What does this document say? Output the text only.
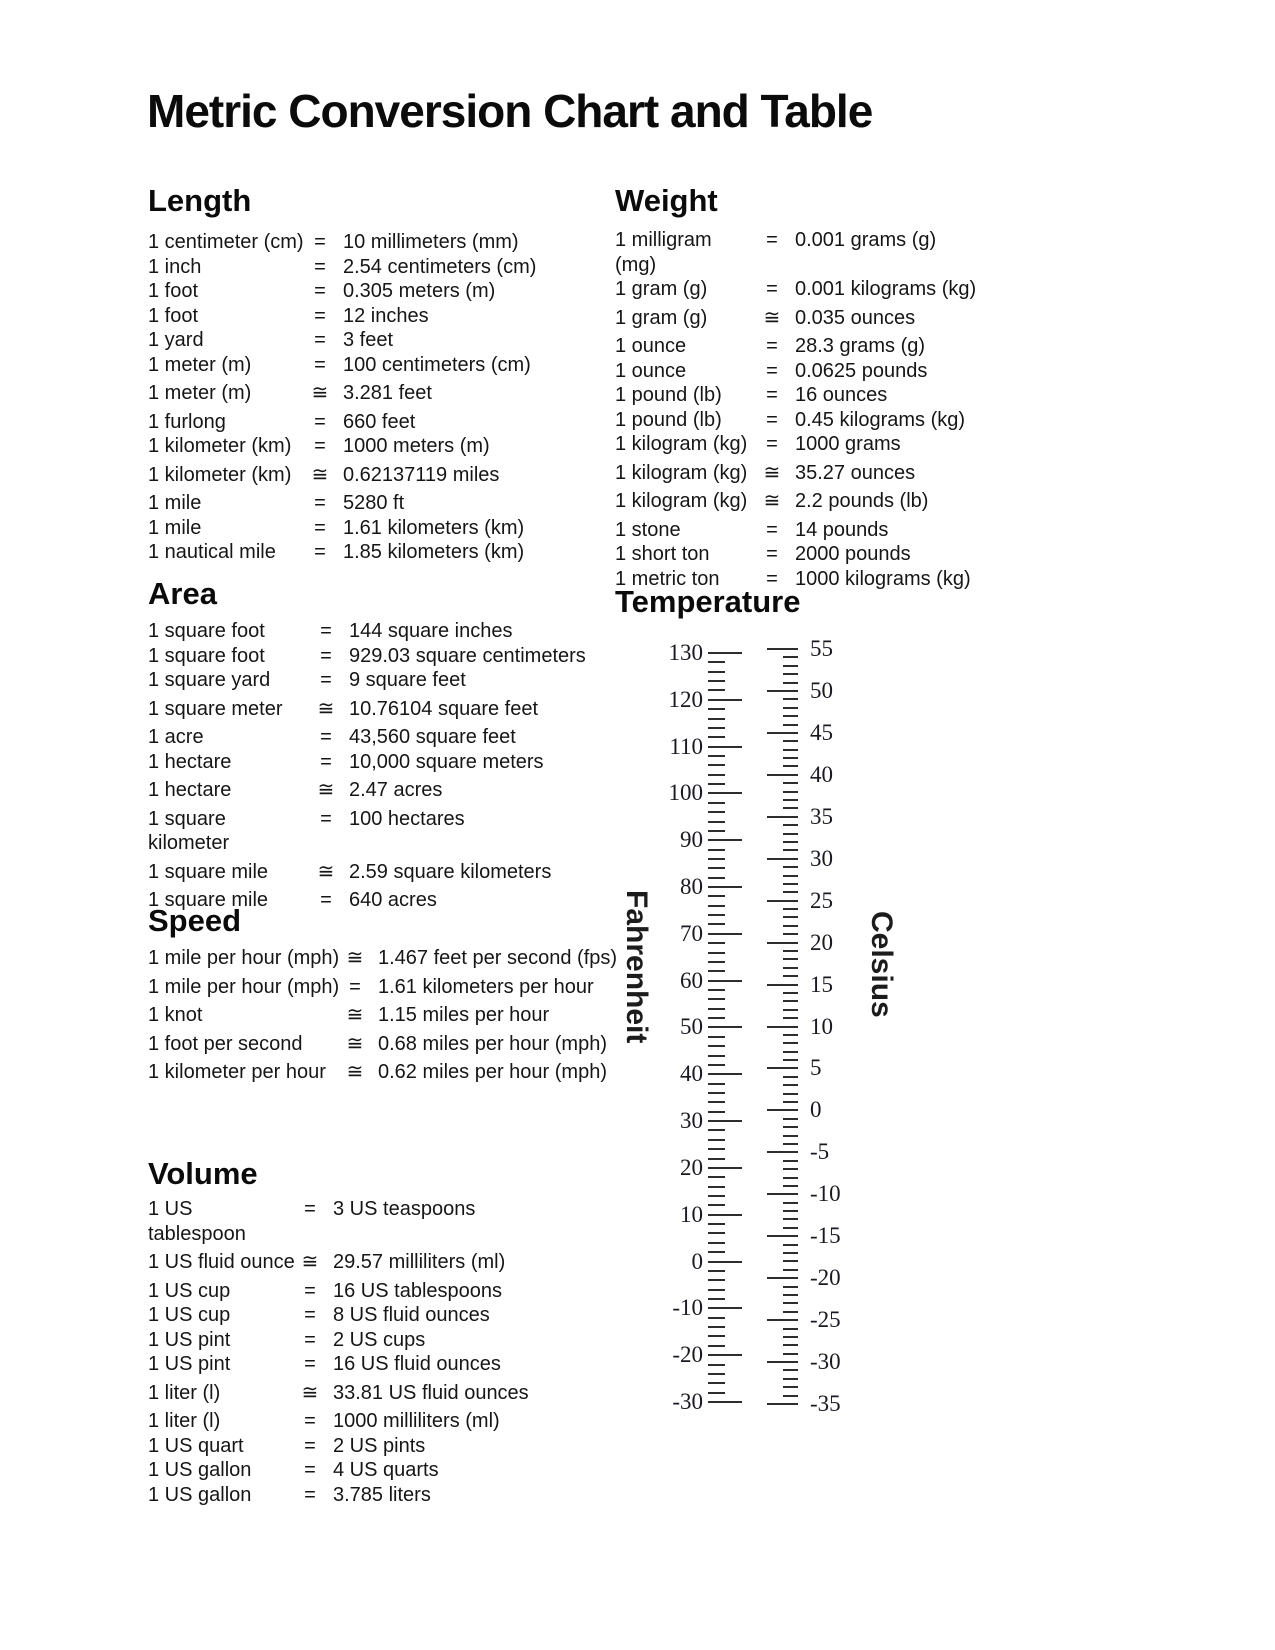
Metric Conversion Chart and Table
Length
1 centimeter (cm) = 10 millimeters (mm)
1 inch	= 2.54 centimeters (cm)
1 foot	= 0.305 meters (m)
1 foot	= 12 inches
1 yard	= 3 feet
1 meter (m)	= 100 centimeters (cm)
1 meter (m)	≅ 3.281 feet
1 furlong	= 660 feet
1 kilometer (km)	= 1000 meters (m)
1 kilometer (km)	≅ 0.62137119 miles
1 mile	= 5280 ft
1 mile	= 1.61 kilometers (km)
1 nautical mile	= 1.85 kilometers (km)
Weight
1 milligram (mg)
= 0.001 grams (g)
1 gram (g)	= 0.001 kilograms (kg)
1 gram (g)	≅ 0.035 ounces
1 ounce	= 28.3 grams (g)
1 ounce	= 0.0625 pounds
1 pound (lb)	= 16 ounces
1 pound (lb)	= 0.45 kilograms (kg)
1 kilogram (kg) = 1000 grams
1 kilogram (kg) ≅ 35.27 ounces
1 kilogram (kg) ≅ 2.2 pounds (lb)
1 stone	= 14 pounds
1 short ton	= 2000 pounds
1 metric ton	= 1000 kilograms (kg)
Area
1 square foot	= 144 square inches
1 square foot	= 929.03 square centimeters
1 square yard	= 9 square feet
1 square meter	≅ 10.76104 square feet
1 acre	= 43,560 square feet
1 hectare	= 10,000 square meters
1 hectare	≅ 2.47 acres
1 square kilometer
= 100 hectares
1 square mile	≅ 2.59 square kilometers
1 square mile	= 640 acres
Speed
1 mile per hour (mph) ≅ 1.467 feet per second (fps)
1 mile per hour (mph) = 1.61 kilometers per hour
1 knot	≅ 1.15 miles per hour
1 foot per second	≅ 0.68 miles per hour (mph)
1 kilometer per hour	≅ 0.62 miles per hour (mph)
Volume
1 US tablespoon
= 3 US teaspoons
1 US fluid ounce ≅ 29.57 milliliters (ml)
1 US cup	= 16 US tablespoons
1 US cup	= 8 US fluid ounces
1 US pint	= 2 US cups
1 US pint	= 16 US fluid ounces
1 liter (l)	≅ 33.81 US fluid ounces
1 liter (l)	= 1000 milliliters (ml)
1 US quart	= 2 US pints
1 US gallon	= 4 US quarts
1 US gallon	= 3.785 liters
Temperature
Fahrenheit	Celsius
130
120
110
100
90
80
70
60
50
40
30
20
10
0
-10
-20
-30
55
50
45
40
35
30
25
20
15
10
5
0
-5
-10
-15
-20
-25
-30
-35
